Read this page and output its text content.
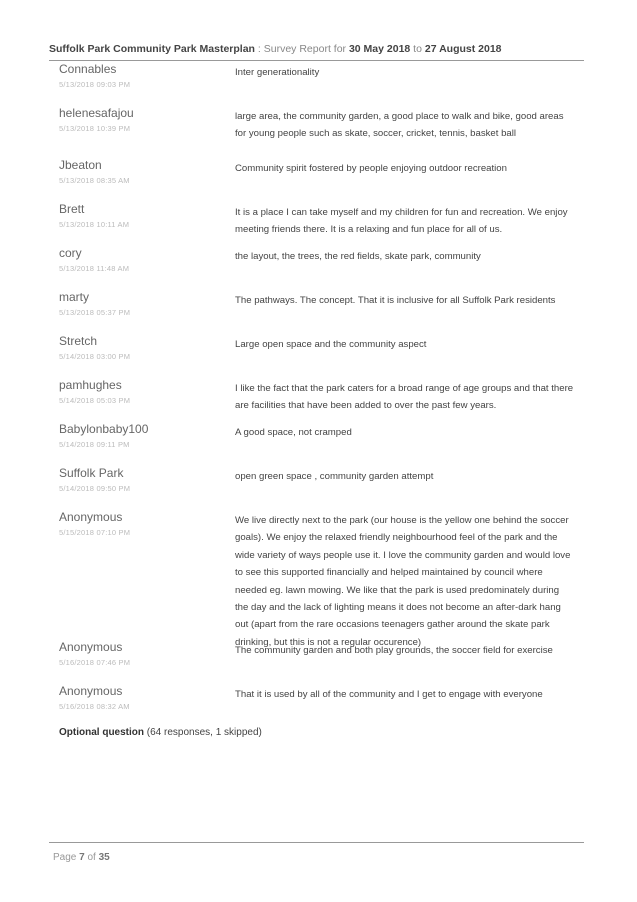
Suffolk Park Community Park Masterplan : Survey Report for 30 May 2018 to 27 August 2018
Connables
5/13/2018 09:03 PM
Inter generationality
helenesafajou
5/13/2018 10:39 PM
large area, the community garden, a good place to walk and bike, good areas for young people such as skate, soccer, cricket, tennis, basket ball
Jbeaton
5/13/2018 08:35 AM
Community spirit fostered by people enjoying outdoor recreation
Brett
5/13/2018 10:11 AM
It is a place I can take myself and my children for fun and recreation. We enjoy meeting friends there. It is a relaxing and fun place for all of us.
cory
5/13/2018 11:48 AM
the layout, the trees, the red fields, skate park, community
marty
5/13/2018 05:37 PM
The pathways. The concept. That it is inclusive for all Suffolk Park residents
Stretch
5/14/2018 03:00 PM
Large open space and the community aspect
pamhughes
5/14/2018 05:03 PM
I like the fact that the park caters for a broad range of age groups and that there are facilities that have been added to over the past few years.
Babylonbaby100
5/14/2018 09:11 PM
A good space, not cramped
Suffolk Park
5/14/2018 09:50 PM
open green space , community garden attempt
Anonymous
5/15/2018 07:10 PM
We live directly next to the park (our house is the yellow one behind the soccer goals). We enjoy the relaxed friendly neighbourhood feel of the park and the wide variety of ways people use it. I love the community garden and would love to see this supported financially and helped maintained by council where needed eg. lawn mowing. We like that the park is used predominately during the day and the lack of lighting means it does not become an after-dark hang out (apart from the rare occasions teenagers gather around the skate park drinking, but this is not a regular occurence)
Anonymous
5/16/2018 07:46 PM
The community garden and both play grounds, the soccer field for exercise
Anonymous
5/16/2018 08:32 AM
That it is used by all of the community and I get to engage with everyone
Optional question (64 responses, 1 skipped)
Page 7 of 35
